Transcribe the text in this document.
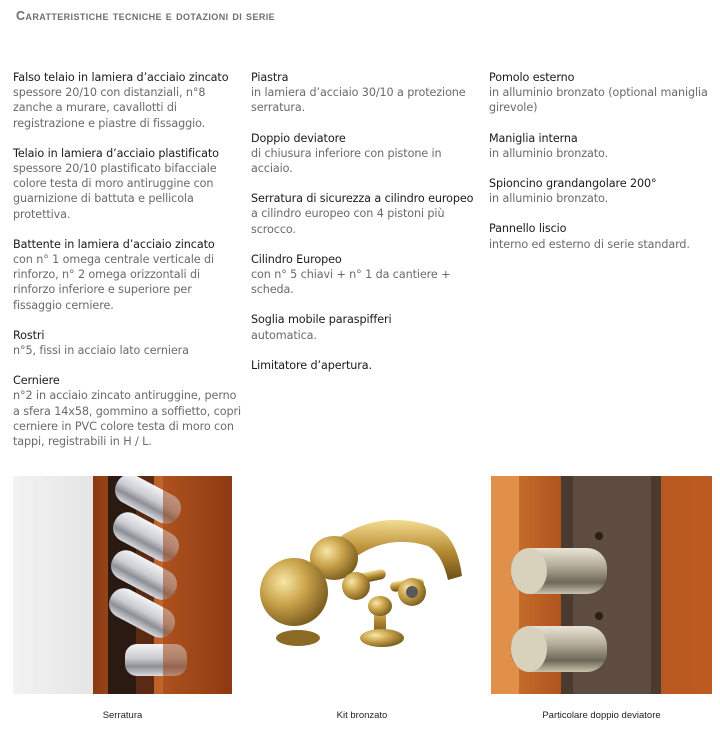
Caratteristiche tecniche e dotazioni di serie
Falso telaio in lamiera d’acciaio zincato
spessore 20/10 con distanziali, n°8 zanche a murare, cavallotti di registrazione e piastre di fissaggio.
Telaio in lamiera d’acciaio plastificato
spessore 20/10 plastificato bifacciale colore testa di moro antiruggine con guarnizione di battuta e pellicola protettiva.
Battente in lamiera d’acciaio zincato
con n° 1 omega centrale verticale di rinforzo, n° 2 omega orizzontali di rinforzo inferiore e superiore per fissaggio cerniere.
Rostri
n°5, fissi in acciaio lato cerniera
Cerniere
n°2 in acciaio zincato antiruggine, perno a sfera 14x58, gommino a soffietto, copri cerniere in PVC colore testa di moro con tappi, registrabili in H / L.
Piastra
in lamiera d’acciaio 30/10 a protezione serratura.
Doppio deviatore
di chiusura inferiore con pistone in acciaio.
Serratura di sicurezza a cilindro europeo
a cilindro europeo con 4 pistoni più scrocco.
Cilindro Europeo
con n° 5 chiavi + n° 1 da cantiere + scheda.
Soglia mobile paraspifferi
automatica.
Limitatore d’apertura.
Pomolo esterno
in alluminio bronzato (optional maniglia girevole)
Maniglia interna
in alluminio bronzato.
Spioncino grandangolare 200°
in alluminio bronzato.
Pannello liscio
interno ed esterno di serie standard.
Serratura	Kit bronzato	Particolare doppio deviatore
